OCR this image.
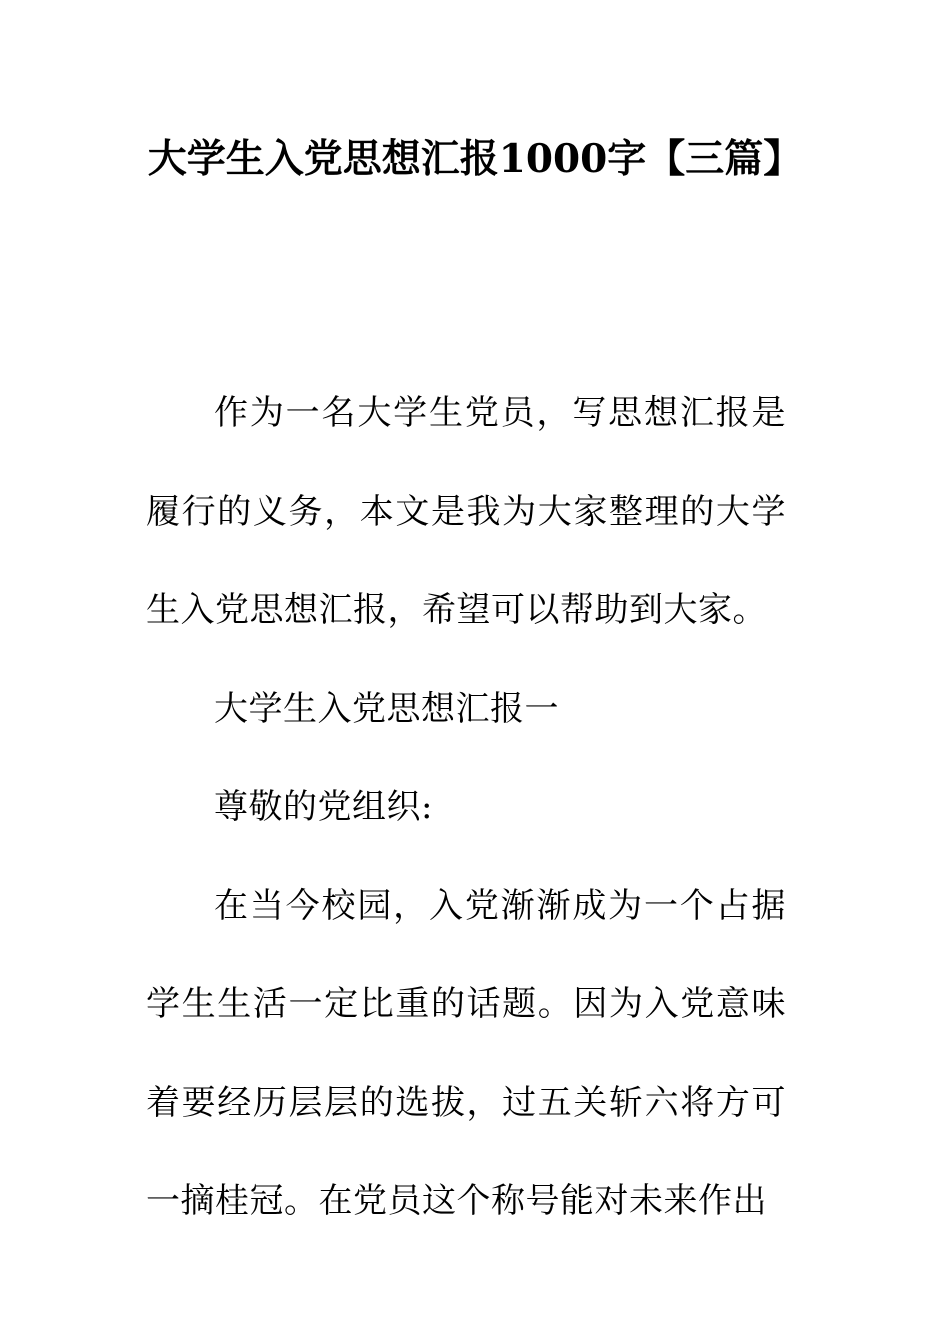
大学生入党思想汇报1000字【三篇】

作为一名大学生党员，写思想汇报是履行的义务，本文是我为大家整理的大学生入党思想汇报，希望可以帮助到大家。

大学生入党思想汇报一

尊敬的党组织:

在当今校园，入党渐渐成为一个占据学生生活一定比重的话题。因为入党意味着要经历层层的选拔，过五关斩六将方可一摘桂冠。在党员这个称号能对未来作出
